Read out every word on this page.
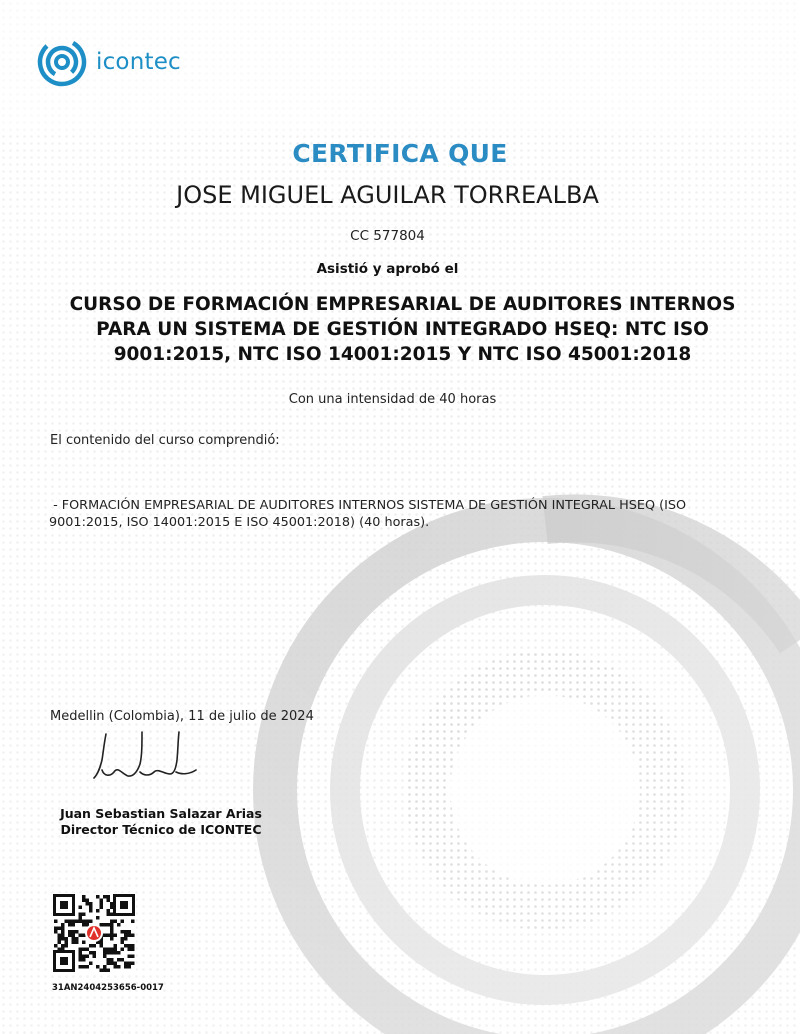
icontec
CERTIFICA QUE
JOSE MIGUEL AGUILAR TORREALBA
CC 577804
Asistió y aprobó el
CURSO DE FORMACIÓN EMPRESARIAL DE AUDITORES INTERNOS
PARA UN SISTEMA DE GESTIÓN INTEGRADO HSEQ: NTC ISO
9001:2015, NTC ISO 14001:2015 Y NTC ISO 45001:2018
Con una intensidad de 40 horas
El contenido del curso comprendió:
- FORMACIÓN EMPRESARIAL DE AUDITORES INTERNOS SISTEMA DE GESTIÓN INTEGRAL HSEQ (ISO
9001:2015, ISO 14001:2015 E ISO 45001:2018) (40 horas).
Medellin (Colombia), 11 de julio de 2024
Juan Sebastian Salazar Arias
Director Técnico de ICONTEC
31AN2404253656-0017
